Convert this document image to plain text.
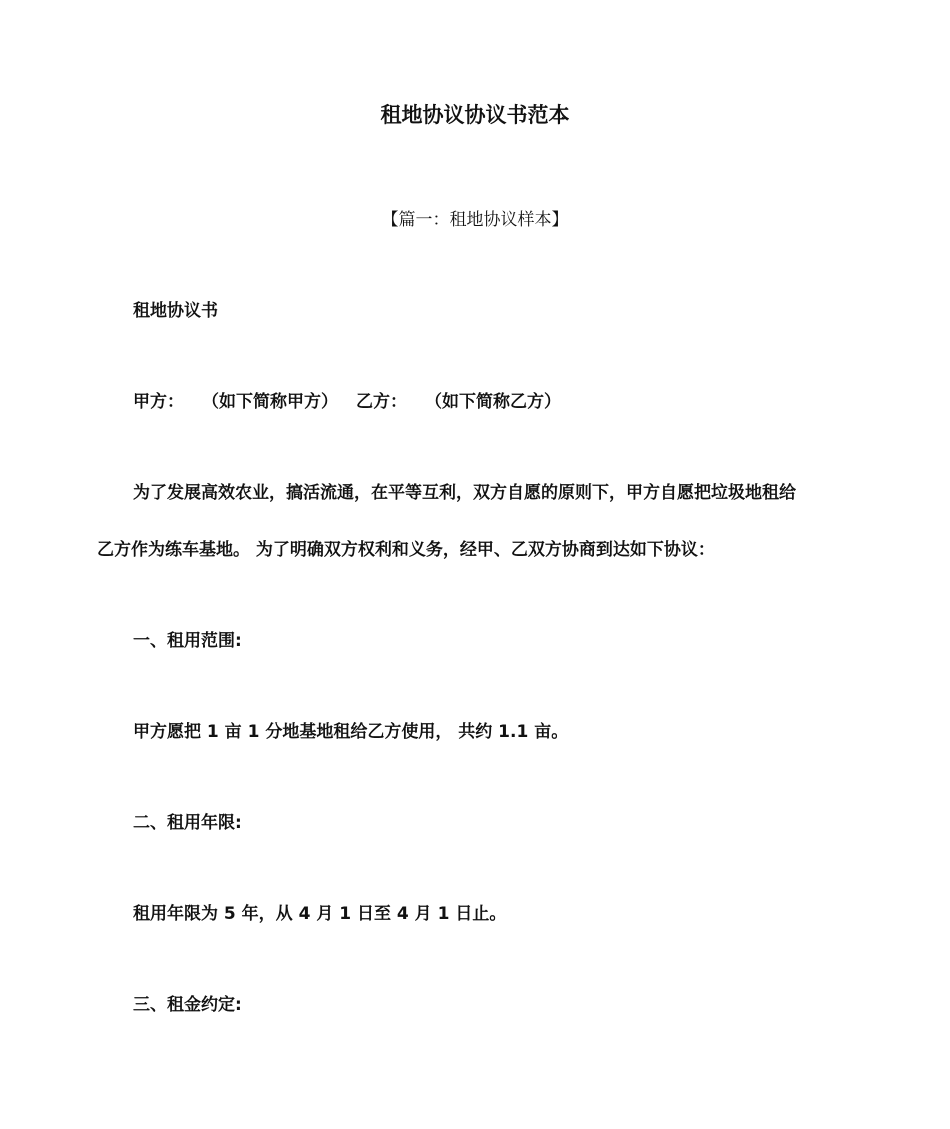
租地协议协议书范本
【篇一：租地协议样本】
租地协议书
甲方： （如下简称甲方） 乙方： （如下简称乙方）
为了发展高效农业，搞活流通，在平等互利，双方自愿的原则下，甲方自愿把垃圾地租给
乙方作为练车基地。 为了明确双方权利和义务，经甲、乙双方协商到达如下协议：
一、租用范围:
甲方愿把 1 亩 1 分地基地租给乙方使用， 共约 1.1 亩。
二、租用年限:
租用年限为 5 年，从 4 月 1 日至 4 月 1 日止。
三、租金约定:
